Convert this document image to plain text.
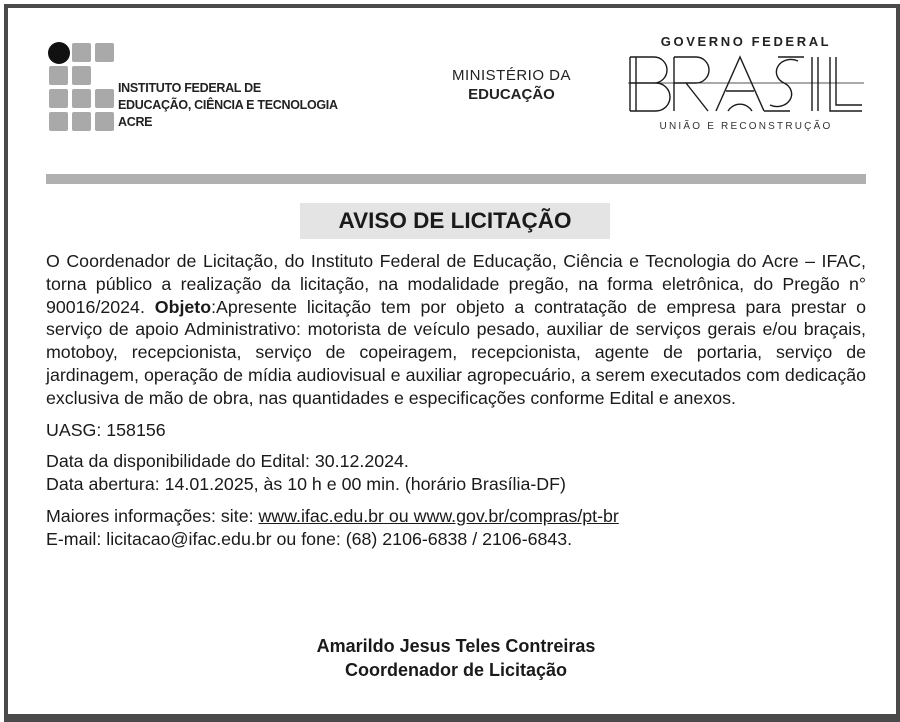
INSTITUTO FEDERAL DE
EDUCAÇÃO, CIÊNCIA E TECNOLOGIA
ACRE
MINISTÉRIO DA
EDUCAÇÃO
GOVERNO FEDERAL
UNIÃO E RECONSTRUÇÃO
AVISO DE LICITAÇÃO

O Coordenador de Licitação, do Instituto Federal de Educação, Ciência e Tecnologia do Acre – IFAC, torna público a realização da licitação, na modalidade pregão, na forma eletrônica, do Pregão n° 90016/2024. Objeto:Apresente licitação tem por objeto a contratação de empresa para prestar o serviço de apoio Administrativo: motorista de veículo pesado, auxiliar de serviços gerais e/ou braçais, motoboy, recepcionista, serviço de copeiragem, recepcionista, agente de portaria, serviço de jardinagem, operação de mídia audiovisual e auxiliar agropecuário, a serem executados com dedicação exclusiva de mão de obra, nas quantidades e especificações conforme Edital e anexos.

UASG: 158156

Data da disponibilidade do Edital: 30.12.2024.

Data abertura: 14.01.2025, às 10 h e 00 min. (horário Brasília-DF)

Maiores informações: site: www.ifac.edu.br ou www.gov.br/compras/pt-br

E-mail: licitacao@ifac.edu.br ou fone: (68) 2106-6838 / 2106-6843.

Amarildo Jesus Teles Contreiras
Coordenador de Licitação
